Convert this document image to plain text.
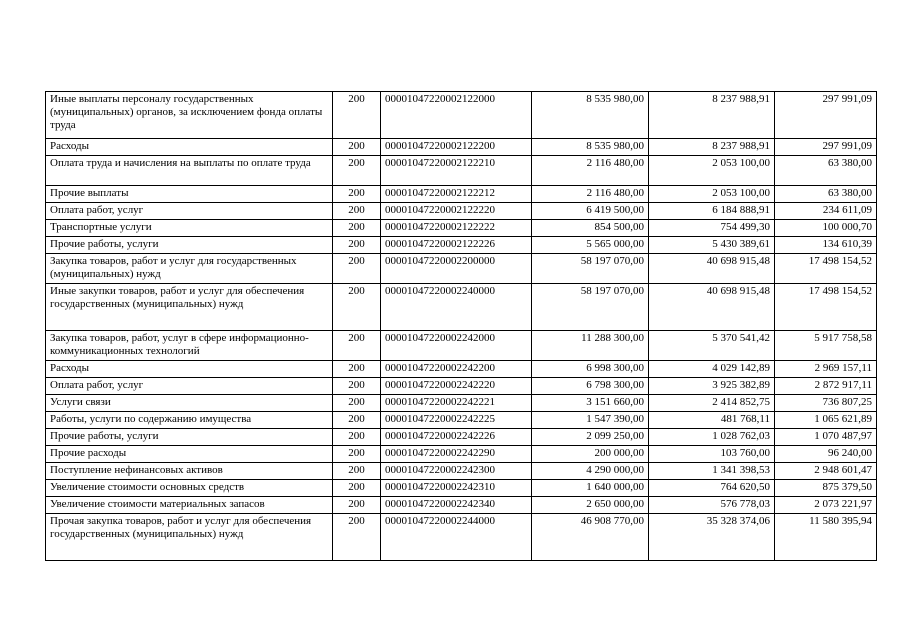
Иные выплаты персоналу государственных (муниципальных) органов, за исключением фонда оплаты труда	200	00001047220002122000	8 535 980,00	8 237 988,91	297 991,09
Расходы	200	00001047220002122200	8 535 980,00	8 237 988,91	297 991,09
Оплата труда и начисления на выплаты по оплате труда	200	00001047220002122210	2 116 480,00	2 053 100,00	63 380,00
Прочие выплаты	200	00001047220002122212	2 116 480,00	2 053 100,00	63 380,00
Оплата работ, услуг	200	00001047220002122220	6 419 500,00	6 184 888,91	234 611,09
Транспортные услуги	200	00001047220002122222	854 500,00	754 499,30	100 000,70
Прочие работы, услуги	200	00001047220002122226	5 565 000,00	5 430 389,61	134 610,39
Закупка товаров, работ и услуг для государственных (муниципальных) нужд	200	00001047220002200000	58 197 070,00	40 698 915,48	17 498 154,52
Иные закупки товаров, работ и услуг для обеспечения государственных (муниципальных) нужд	200	00001047220002240000	58 197 070,00	40 698 915,48	17 498 154,52
Закупка товаров, работ, услуг в сфере информационно-коммуникационных технологий	200	00001047220002242000	11 288 300,00	5 370 541,42	5 917 758,58
Расходы	200	00001047220002242200	6 998 300,00	4 029 142,89	2 969 157,11
Оплата работ, услуг	200	00001047220002242220	6 798 300,00	3 925 382,89	2 872 917,11
Услуги связи	200	00001047220002242221	3 151 660,00	2 414 852,75	736 807,25
Работы, услуги по содержанию имущества	200	00001047220002242225	1 547 390,00	481 768,11	1 065 621,89
Прочие работы, услуги	200	00001047220002242226	2 099 250,00	1 028 762,03	1 070 487,97
Прочие расходы	200	00001047220002242290	200 000,00	103 760,00	96 240,00
Поступление нефинансовых активов	200	00001047220002242300	4 290 000,00	1 341 398,53	2 948 601,47
Увеличение стоимости основных средств	200	00001047220002242310	1 640 000,00	764 620,50	875 379,50
Увеличение стоимости материальных запасов	200	00001047220002242340	2 650 000,00	576 778,03	2 073 221,97
Прочая закупка товаров, работ и услуг для обеспечения государственных (муниципальных) нужд	200	00001047220002244000	46 908 770,00	35 328 374,06	11 580 395,94
